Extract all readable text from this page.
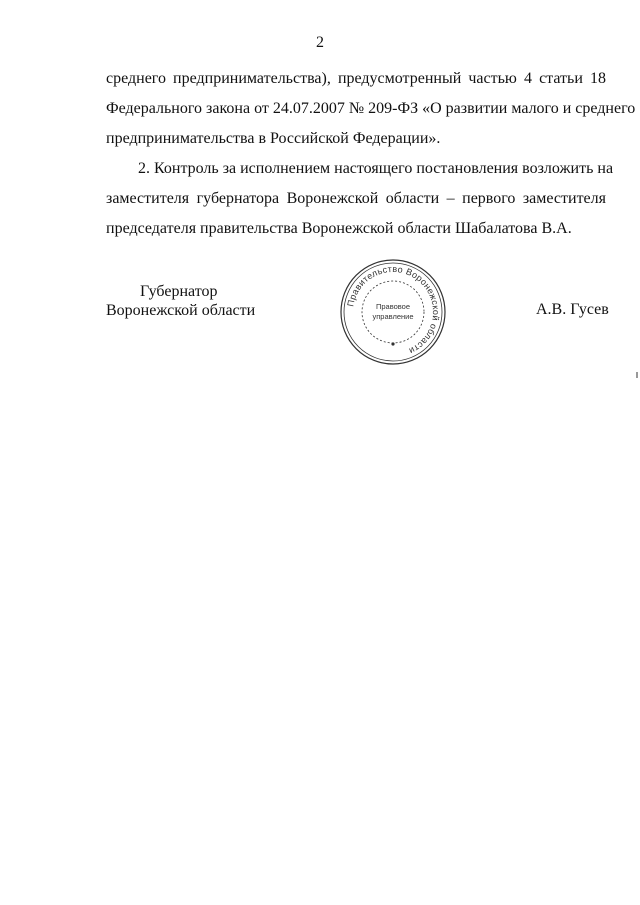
2

среднего предпринимательства), предусмотренный частью 4 статьи 18
Федерального закона от 24.07.2007 № 209-ФЗ «О развитии малого и среднего
предпринимательства в Российской Федерации».

2. Контроль за исполнением настоящего постановления возложить на
заместителя губернатора Воронежской области – первого заместителя
председателя правительства Воронежской области Шабалатова В.А.

Губернатор
Воронежской области	Правительство Воронежской области
Правовое
управление	А.В. Гусев
